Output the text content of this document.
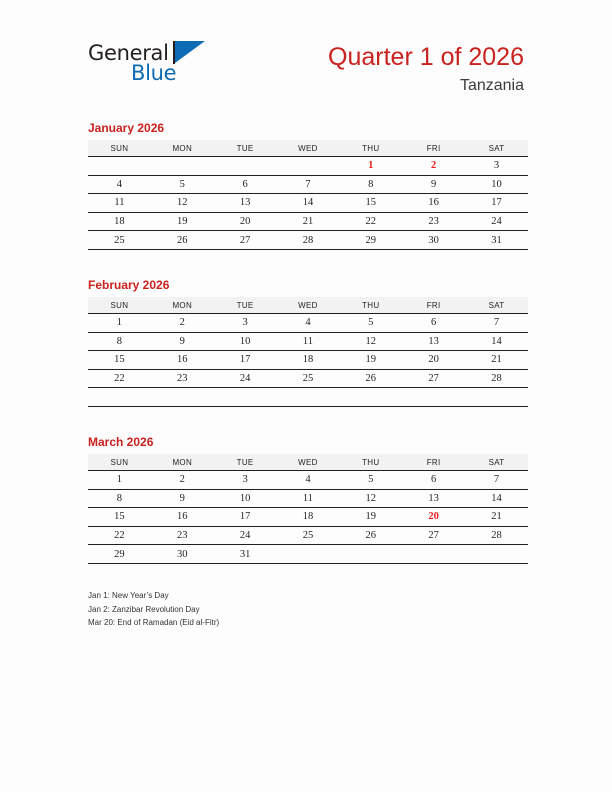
General
Blue
Quarter 1 of 2026
Tanzania
January 2026
SUN	MON	TUE	WED	THU	FRI	SAT
				1	2	3
4	5	6	7	8	9	10
11	12	13	14	15	16	17
18	19	20	21	22	23	24
25	26	27	28	29	30	31
February 2026
SUN	MON	TUE	WED	THU	FRI	SAT
1	2	3	4	5	6	7
8	9	10	11	12	13	14
15	16	17	18	19	20	21
22	23	24	25	26	27	28

March 2026
SUN	MON	TUE	WED	THU	FRI	SAT
1	2	3	4	5	6	7
8	9	10	11	12	13	14
15	16	17	18	19	20	21
22	23	24	25	26	27	28
29	30	31				
Jan 1: New Year’s Day
Jan 2: Zanzibar Revolution Day
Mar 20: End of Ramadan (Eid al-Fitr)
